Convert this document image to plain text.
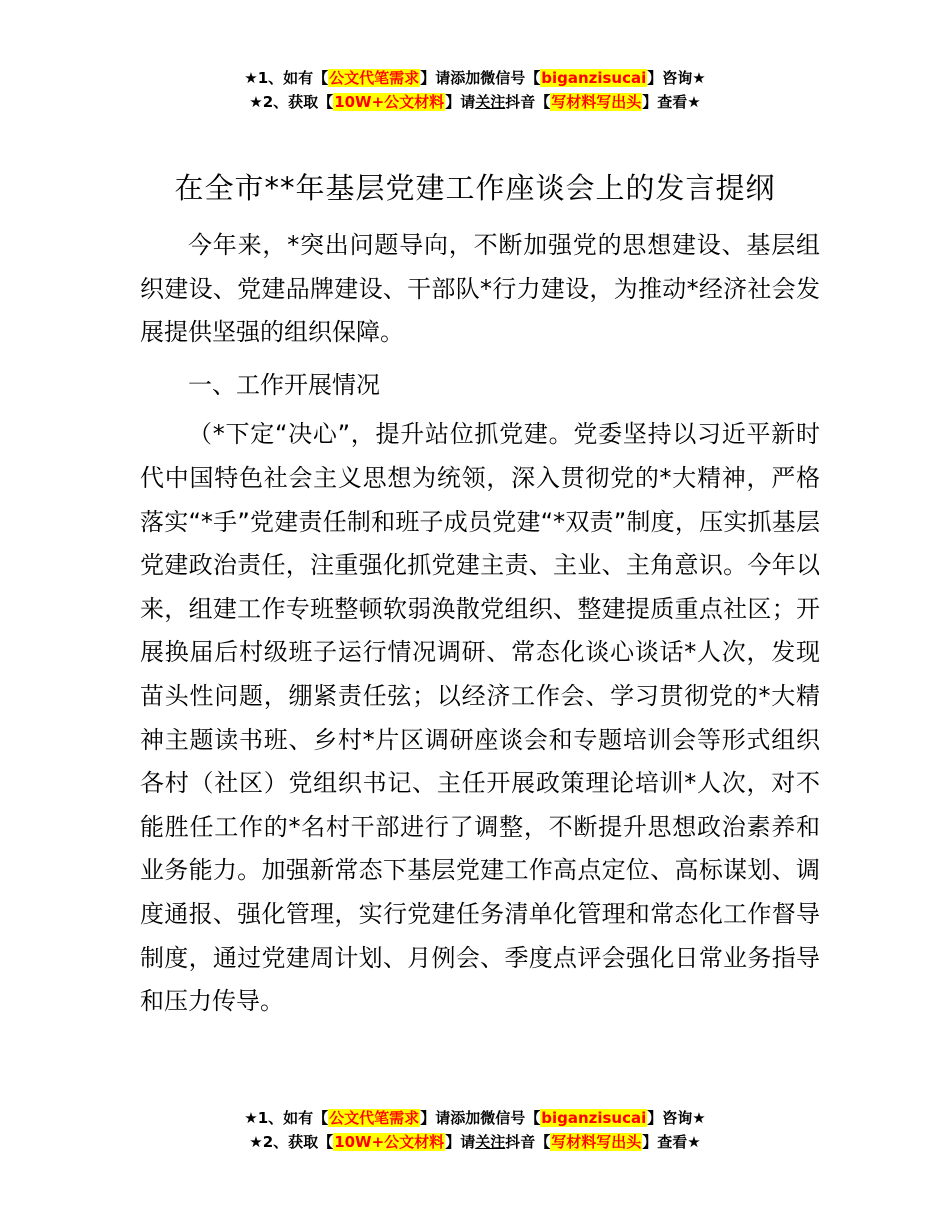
★1、如有【公文代笔需求】请添加微信号【biganzisucai】咨询★
★2、获取【10W+公文材料】请关注抖音【写材料写出头】查看★
在全市**年基层党建工作座谈会上的发言提纲

今年来，*突出问题导向，不断加强党的思想建设、基层组织建设、党建品牌建设、干部队*行力建设，为推动*经济社会发展提供坚强的组织保障。

一、工作开展情况

（*下定“决心”，提升站位抓党建。党委坚持以习近平新时代中国特色社会主义思想为统领，深入贯彻党的*大精神，严格落实“*手”党建责任制和班子成员党建“*双责”制度，压实抓基层党建政治责任，注重强化抓党建主责、主业、主角意识。今年以来，组建工作专班整顿软弱涣散党组织、整建提质重点社区；开展换届后村级班子运行情况调研、常态化谈心谈话*人次，发现苗头性问题，绷紧责任弦；以经济工作会、学习贯彻党的*大精神主题读书班、乡村*片区调研座谈会和专题培训会等形式组织各村（社区）党组织书记、主任开展政策理论培训*人次，对不能胜任工作的*名村干部进行了调整，不断提升思想政治素养和业务能力。加强新常态下基层党建工作高点定位、高标谋划、调度通报、强化管理，实行党建任务清单化管理和常态化工作督导制度，通过党建周计划、月例会、季度点评会强化日常业务指导和压力传导。

★1、如有【公文代笔需求】请添加微信号【biganzisucai】咨询★
★2、获取【10W+公文材料】请关注抖音【写材料写出头】查看★
